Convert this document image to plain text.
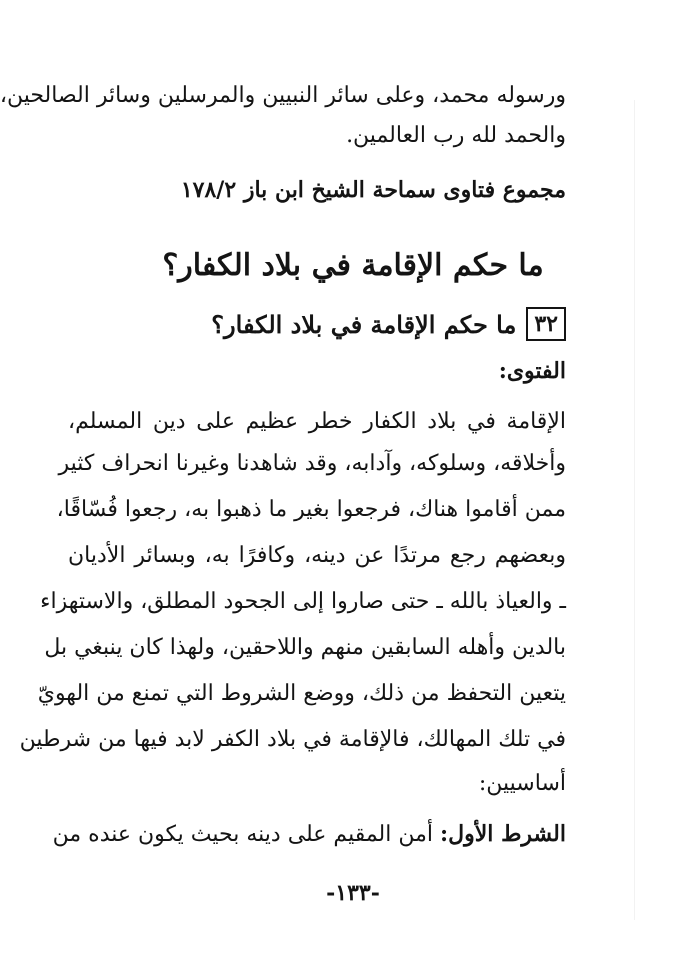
ورسوله محمد، وعلى سائر النبيين والمرسلين وسائر الصالحين،
والحمد لله رب العالمين.
مجموع فتاوى سماحة الشيخ ابن باز ١٧٨/٢
ما حكم الإقامة في بلاد الكفار؟
٣٢
ما حكم الإقامة في بلاد الكفار؟
الفتوى:
الإقامة في بلاد الكفار خطر عظيم على دين المسلم،
وأخلاقه، وسلوكه، وآدابه، وقد شاهدنا وغيرنا انحراف كثير
ممن أقاموا هناك، فرجعوا بغير ما ذهبوا به، رجعوا فُسّاقًا،
وبعضهم رجع مرتدًا عن دينه، وكافرًا به، وبسائر الأديان
ـ والعياذ بالله ـ حتى صاروا إلى الجحود المطلق، والاستهزاء
بالدين وأهله السابقين منهم واللاحقين، ولهذا كان ينبغي بل
يتعين التحفظ من ذلك، ووضع الشروط التي تمنع من الهويّ
في تلك المهالك، فالإقامة في بلاد الكفر لابد فيها من شرطين
أساسيين:
الشرط الأول: أمن المقيم على دينه بحيث يكون عنده من
-١٣٣-
